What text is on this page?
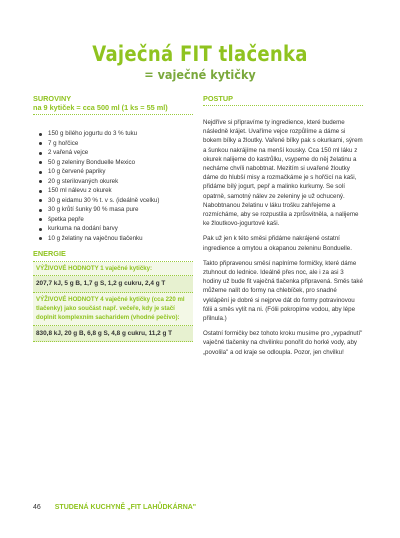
Vaječná FIT tlačenka
= vaječné kytičky
SUROVINY
na 9 kytiček = cca 500 ml (1 ks = 55 ml)
150 g bílého jogurtu do 3 % tuku
7 g hořčice
2 vařená vejce
50 g zeleniny Bonduelle Mexico
10 g červené papriky
20 g sterilovaných okurek
150 ml nálevu z okurek
30 g eidamu 30 % t. v s. (ideálně vcelku)
30 g krůtí šunky 90 % masa pure
špetka pepře
kurkuma na dodání barvy
10 g želatiny na vaječnou tlačenku
ENERGIE
VÝŽIVOVÉ HODNOTY 1 vaječné kytičky:
207,7 kJ, 5 g B, 1,7 g S, 1,2 g cukru, 2,4 g T
VÝŽIVOVÉ HODNOTY 4 vaječné kytičky (cca 220 ml tlačenky) jako součást např. večeře, kdy je stačí doplnit komplexním sacharidem (vhodné pečivo):
830,8 kJ, 20 g B, 6,8 g S, 4,8 g cukru, 11,2 g T
POSTUP

Nejdříve si připravíme ty ingredience, které budeme následně krájet. Uvaříme vejce rozpůlíme a dáme si bokem bílky a žloutky. Vařené bílky pak s okurkami, sýrem a šunkou nakrájíme na menší kousky. Cca 150 ml láku z okurek nalijeme do kastrůlku, vsypeme do něj želatinu a necháme chvíli nabobtnat. Mezitím si uvařené žloutky dáme do hlubší misy a rozmačkáme je s hořčicí na kaši, přidáme bílý jogurt, pepř a malinko kurkumy. Se solí opatrně, samotný nálev ze zeleniny je už ochucený. Nabobtnanou želatinu v láku trošku zahřejeme a rozmícháme, aby se rozpustila a zprůsvitněla, a nalijeme ke žloutkovo-jogurtové kaši.

Pak už jen k této směsi přidáme nakrájené ostatní ingredience a omytou a okapanou zeleninu Bonduelle.

Takto připravenou směsí naplníme formičky, které dáme ztuhnout do lednice. Ideálně přes noc, ale i za asi 3 hodiny už bude fit vaječná tlačenka připravená. Směs také můžeme nalít do formy na chlebíček, pro snadné vyklápění je dobré si nejprve dát do formy potravinovou fólii a směs vylít na ni. (Fólii pokropíme vodou, aby lépe přilnula.)

Ostatní formičky bez tohoto kroku musíme pro „vypadnutí" vaječné tlačenky na chvilinku ponořit do horké vody, aby „povolila" a od kraje se odloupla. Pozor, jen chvilku!

46 STUDENÁ KUCHYNĚ „FIT LAHŮDKÁRNA"
